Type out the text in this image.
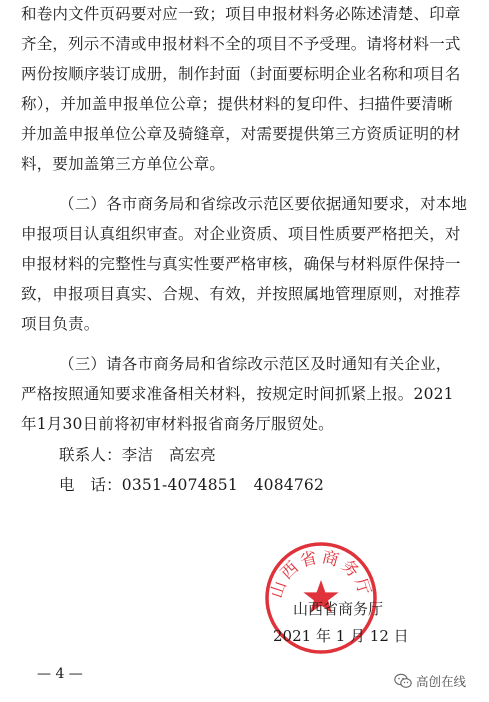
和卷内文件页码要对应一致；项目申报材料务必陈述清楚、印章
齐全，列示不清或申报材料不全的项目不予受理。请将材料一式
两份按顺序装订成册，制作封面（封面要标明企业名称和项目名
称），并加盖申报单位公章；提供材料的复印件、扫描件要清晰
并加盖申报单位公章及骑缝章，对需要提供第三方资质证明的材
料，要加盖第三方单位公章。
（二）各市商务局和省综改示范区要依据通知要求，对本地
申报项目认真组织审查。对企业资质、项目性质要严格把关，对
申报材料的完整性与真实性要严格审核，确保与材料原件保持一
致，申报项目真实、合规、有效，并按照属地管理原则，对推荐
项目负责。
（三）请各市商务局和省综改示范区及时通知有关企业，
严格按照通知要求准备相关材料，按规定时间抓紧上报。2021
年1月30日前将初审材料报省商务厅服贸处。
联系人：李洁　高宏亮
电　话：0351-4074851　4084762
山西省商务厅
山西省商务厅
2021 年 1 月 12 日
— 4 —	高创在线
